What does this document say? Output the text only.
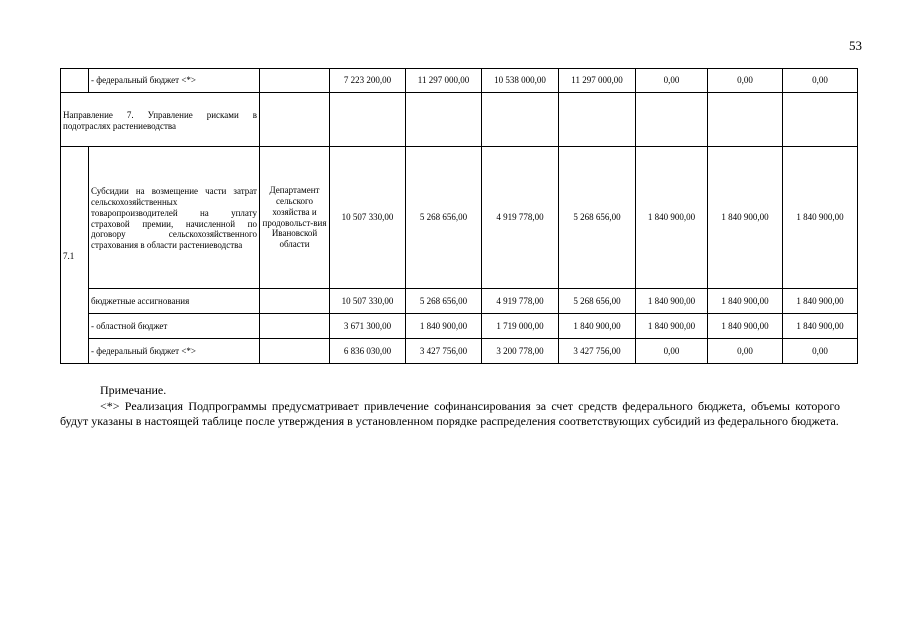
53
	- федеральный бюджет <*>		7 223 200,00	11 297 000,00	10 538 000,00	11 297 000,00	0,00	0,00	0,00
Направление 7. Управление рисками в подотраслях растениеводства									
7.1	Субсидии на возмещение части затрат сельскохозяйственных товаропроизводителей на уплату страховой премии, начисленной по договору сельскохозяйственного страхования в области растениеводства	Департамент сельского хозяйства и продовольст-вия Ивановской области	10 507 330,00	5 268 656,00	4 919 778,00	5 268 656,00	1 840 900,00	1 840 900,00	1 840 900,00
	бюджетные ассигнования		10 507 330,00	5 268 656,00	4 919 778,00	5 268 656,00	1 840 900,00	1 840 900,00	1 840 900,00
	- областной бюджет		3 671 300,00	1 840 900,00	1 719 000,00	1 840 900,00	1 840 900,00	1 840 900,00	1 840 900,00
	- федеральный бюджет <*>		6 836 030,00	3 427 756,00	3 200 778,00	3 427 756,00	0,00	0,00	0,00

Примечание.

<*> Реализация Подпрограммы предусматривает привлечение софинансирования за счет средств федерального бюджета, объемы которого будут указаны в настоящей таблице после утверждения в установленном порядке распределения соответствующих субсидий из федерального бюджета.
